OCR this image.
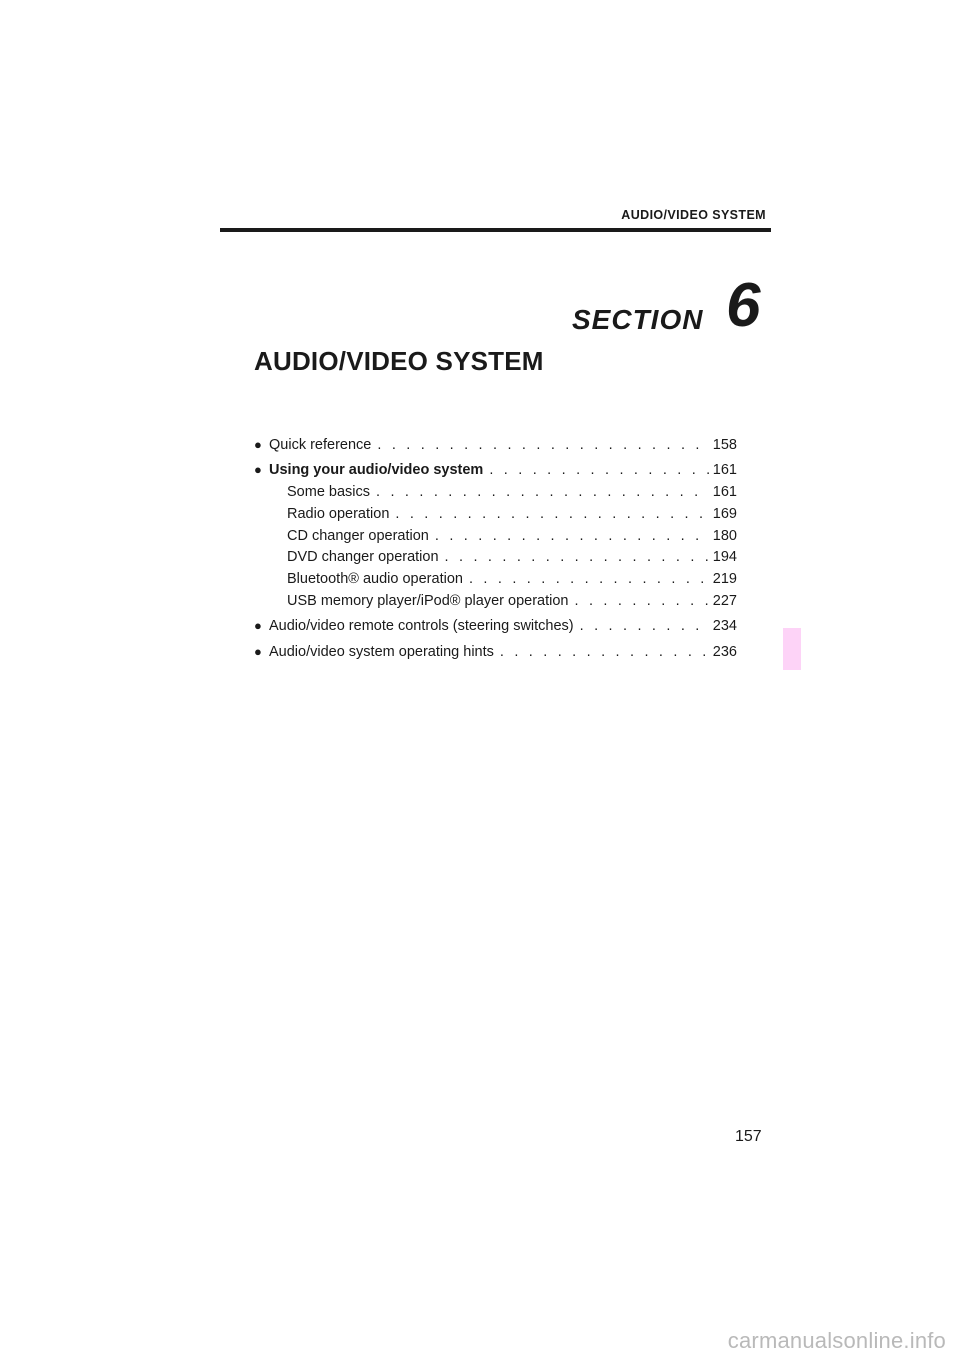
AUDIO/VIDEO SYSTEM
SECTION 6
AUDIO/VIDEO SYSTEM
● Quick reference . . .	158
● Using your audio/video system . . .	161
Some basics . . .	161
Radio operation . . .	169
CD changer operation . . .	180
DVD changer operation . . .	194
Bluetooth® audio operation . . .	219
USB memory player/iPod® player operation . . .	227
● Audio/video remote controls (steering switches) . . .	234
● Audio/video system operating hints . . .	236
157
carmanualsonline.info
